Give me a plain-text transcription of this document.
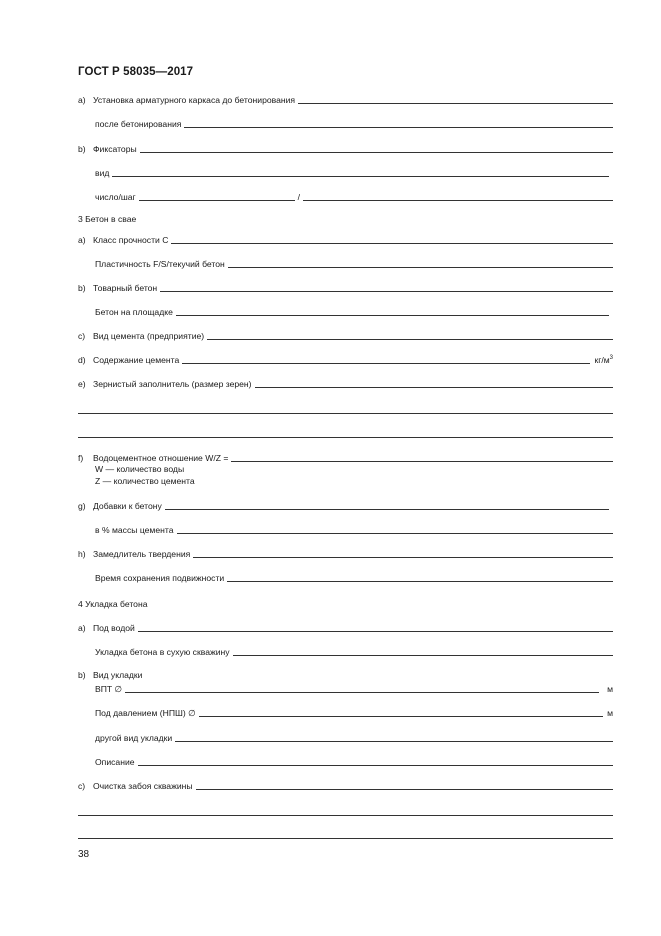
ГОСТ Р 58035—2017
a) Установка арматурного каркаса до бетонирования
после бетонирования
b) Фиксаторы
вид
число/шаг	/
3 Бетон в свае
a) Класс прочности C
Пластичность F/S/текучий бетон
b) Товарный бетон
Бетон на площадке
c) Вид цемента (предприятие)
d) Содержание цемента	$кг/м^3$
e) Зернистый заполнитель (размер зерен)
f) Водоцементное отношение W/Z =
W — количество воды
Z — количество цемента
g) Добавки к бетону
в % массы цемента
h) Замедлитель твердения
Время сохранения подвижности
4 Укладка бетона
a) Под водой
Укладка бетона в сухую скважину
b) Вид укладки
ВПТ ∅	м
Под давлением (НПШ) ∅	м
другой вид укладки
Описание
c) Очистка забоя скважины
38
